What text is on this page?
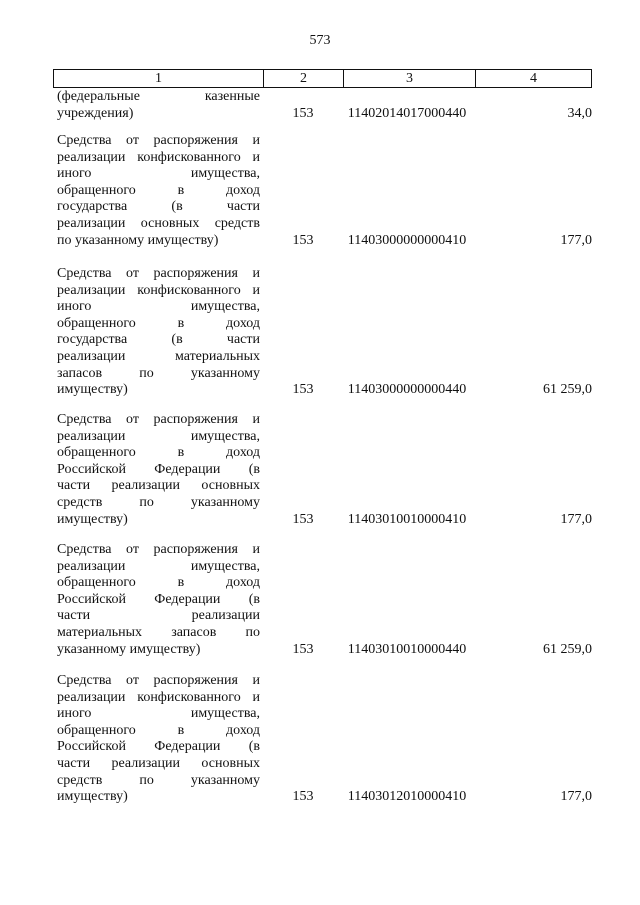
573
1	2	3	4
(федеральные казенные
учреждения)	153	11402014017000440	34,0
Средства от распоряжения и
реализации конфискованного и
иного имущества,
обращенного в доход
государства (в части
реализации основных средств
по указанному имуществу)	153	11403000000000410	177,0
Средства от распоряжения и
реализации конфискованного и
иного имущества,
обращенного в доход
государства (в части
реализации материальных
запасов по указанному
имуществу)	153	11403000000000440	61 259,0
Средства от распоряжения и
реализации имущества,
обращенного в доход
Российской Федерации (в
части реализации основных
средств по указанному
имуществу)	153	11403010010000410	177,0
Средства от распоряжения и
реализации имущества,
обращенного в доход
Российской Федерации (в
части реализации
материальных запасов по
указанному имуществу)	153	11403010010000440	61 259,0
Средства от распоряжения и
реализации конфискованного и
иного имущества,
обращенного в доход
Российской Федерации (в
части реализации основных
средств по указанному
имуществу)	153	11403012010000410	177,0
